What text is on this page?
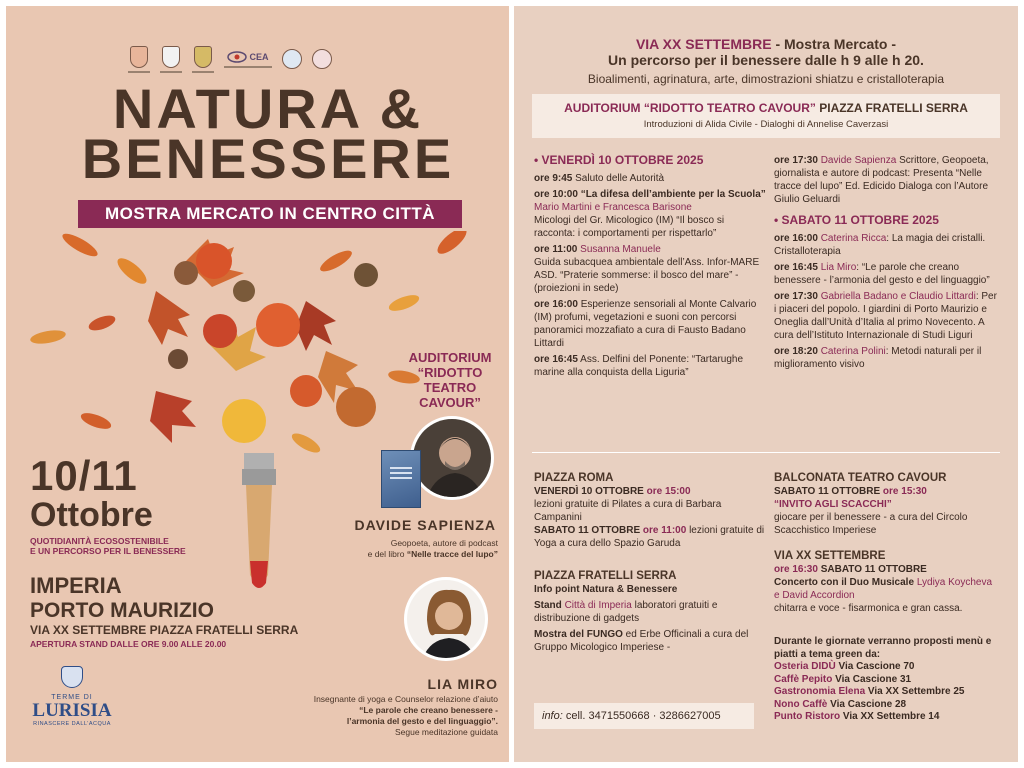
CEA
NATURA &
BENESSERE
MOSTRA MERCATO IN CENTRO CITTÀ
AUDITORIUM “RIDOTTO TEATRO CAVOUR”
DAVIDE SAPIENZA
Geopoeta, autore di podcast
e del libro “Nelle tracce del lupo”
LIA MIRO
Insegnante di yoga e Counselor relazione d’aiuto
“Le parole che creano benessere -
l’armonia del gesto e del linguaggio”.
Segue meditazione guidata
10/11
Ottobre
QUOTIDIANITÀ ECOSOSTENIBILE
E UN PERCORSO PER IL BENESSERE
IMPERIA
PORTO MAURIZIO
VIA XX SETTEMBRE PIAZZA FRATELLI SERRA
APERTURA STAND DALLE ORE 9.00 ALLE 20.00
TERME DI
LURISIA
RINASCERE DALL’ACQUA
VIA XX SETTEMBRE - Mostra Mercato -
Un percorso per il benessere dalle h 9 alle h 20.
Bioalimenti, agrinatura, arte, dimostrazioni shiatzu e cristalloterapia
AUDITORIUM “RIDOTTO TEATRO CAVOUR” PIAZZA FRATELLI SERRA
Introduzioni di Alida Civile - Dialoghi di Annelise Caverzasi

• VENERDÌ 10 OTTOBRE 2025

ore 9:45 Saluto delle Autorità

ore 10:00 “La difesa dell’ambiente per la Scuola”
Mario Martini e Francesca Barisone
Micologi del Gr. Micologico (IM) “Il bosco si racconta: i comportamenti per rispettarlo”

ore 11:00 Susanna Manuele
Guida subacquea ambientale dell’Ass. Infor-MARE ASD. “Praterie sommerse: il bosco del mare” - (proiezioni in sede)

ore 16:00 Esperienze sensoriali al Monte Calvario (IM) profumi, vegetazioni e suoni con percorsi panoramici mozzafiato a cura di Fausto Badano Littardi

ore 16:45 Ass. Delfini del Ponente: “Tartarughe marine alla conquista della Liguria”

ore 17:30 Davide Sapienza Scrittore, Geopoeta, giornalista e autore di podcast: Presenta “Nelle tracce del lupo” Ed. Edicido Dialoga con l’Autore Giulio Geluardi

• SABATO 11 OTTOBRE 2025

ore 16:00 Caterina Ricca: La magia dei cristalli. Cristalloterapia

ore 16:45 Lia Miro: “Le parole che creano benessere - l’armonia del gesto e del linguaggio”

ore 17:30 Gabriella Badano e Claudio Littardi: Per i piaceri del popolo. I giardini di Porto Maurizio e Oneglia dall’Unità d’Italia al primo Novecento. A cura dell’Istituto Internazionale di Studi Liguri

ore 18:20 Caterina Polini: Metodi naturali per il miglioramento visivo

PIAZZA ROMA
VENERDÌ 10 OTTOBRE ore 15:00
lezioni gratuite di Pilates a cura di Barbara Campanini
SABATO 11 OTTOBRE ore 11:00 lezioni gratuite di Yoga a cura dello Spazio Garuda
PIAZZA FRATELLI SERRA
Info point Natura & Benessere
Stand Città di Imperia laboratori gratuiti e distribuzione di gadgets
Mostra del FUNGO ed Erbe Officinali a cura del Gruppo Micologico Imperiese -
info: cell. 3471550668 · 3286627005
BALCONATA TEATRO CAVOUR
SABATO 11 OTTOBRE ore 15:30
“INVITO AGLI SCACCHI”
giocare per il benessere - a cura del Circolo Scacchistico Imperiese
VIA XX SETTEMBRE
ore 16:30 SABATO 11 OTTOBRE
Concerto con il Duo Musicale Lydiya Koycheva e David Accordion
chitarra e voce - fisarmonica e gran cassa.
Durante le giornate verranno proposti menù e piatti a tema green da:
Osteria DIDÙ Via Cascione 70
Caffè Pepito Via Cascione 31
Gastronomia Elena Via XX Settembre 25
Nono Caffè Via Cascione 28
Punto Ristoro Via XX Settembre 14
